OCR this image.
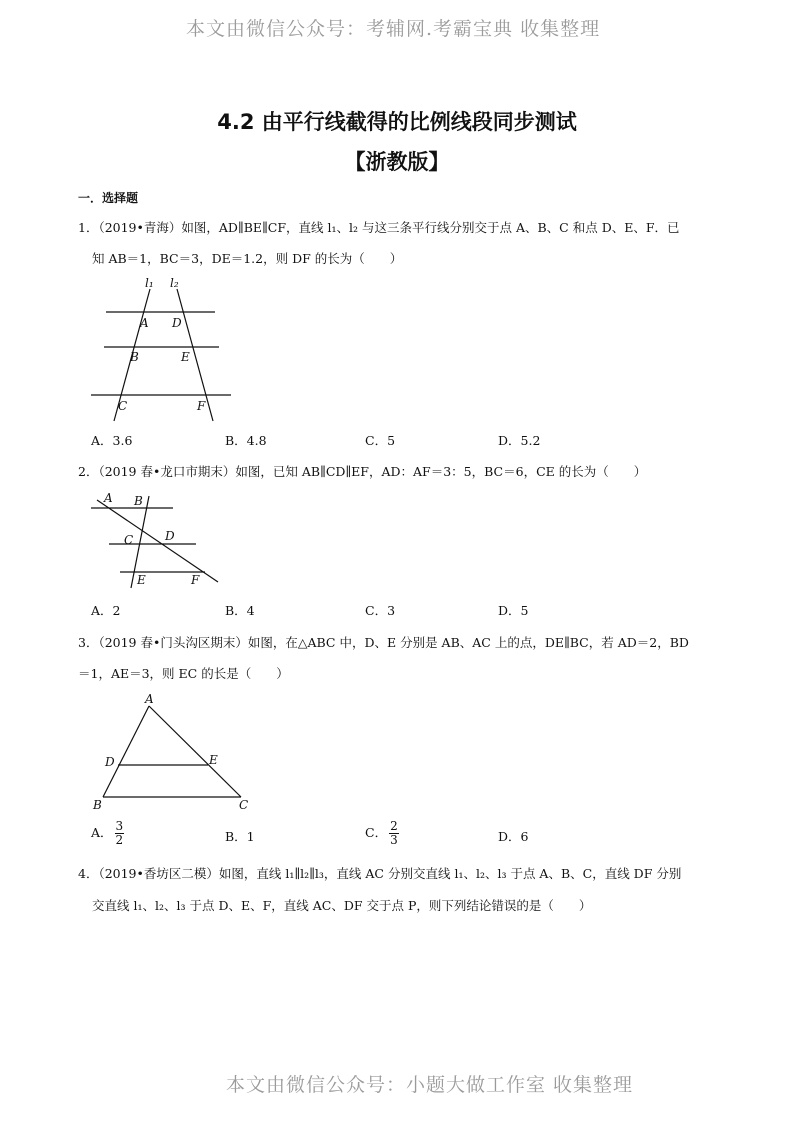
本文由微信公众号：考辅网.考霸宝典 收集整理
4.2 由平行线截得的比例线段同步测试
【浙教版】
一．选择题
1．（2019•青海）如图，AD∥BE∥CF，直线 l₁、l₂ 与这三条平行线分别交于点 A、B、C 和点 D、E、F．已
知 AB＝1，BC＝3，DE＝1.2，则 DF 的长为（　　）
l₁ l₂
A D
B	E
C	F
A．3.6	B．4.8	C．5	D．5.2
2．（2019 春•龙口市期末）如图，已知 AB∥CD∥EF，AD：AF＝3：5，BC＝6，CE 的长为（　　）
A B
C	D
E	F
A．2	B．4	C．3	D．5
3．（2019 春•门头沟区期末）如图，在△ABC 中，D、E 分别是 AB、AC 上的点，DE∥BC，若 AD＝2，BD
＝1，AE＝3，则 EC 的长是（　　）
A
D	E
B	C
A． $\frac{3}{2}$	B．1	C． $\frac{2}{3}$	D．6
4．（2019•香坊区二模）如图，直线 l₁∥l₂∥l₃，直线 AC 分别交直线 l₁、l₂、l₃ 于点 A、B、C，直线 DF 分别
交直线 l₁、l₂、l₃ 于点 D、E、F，直线 AC、DF 交于点 P，则下列结论错误的是（　　）
本文由微信公众号：小题大做工作室 收集整理
